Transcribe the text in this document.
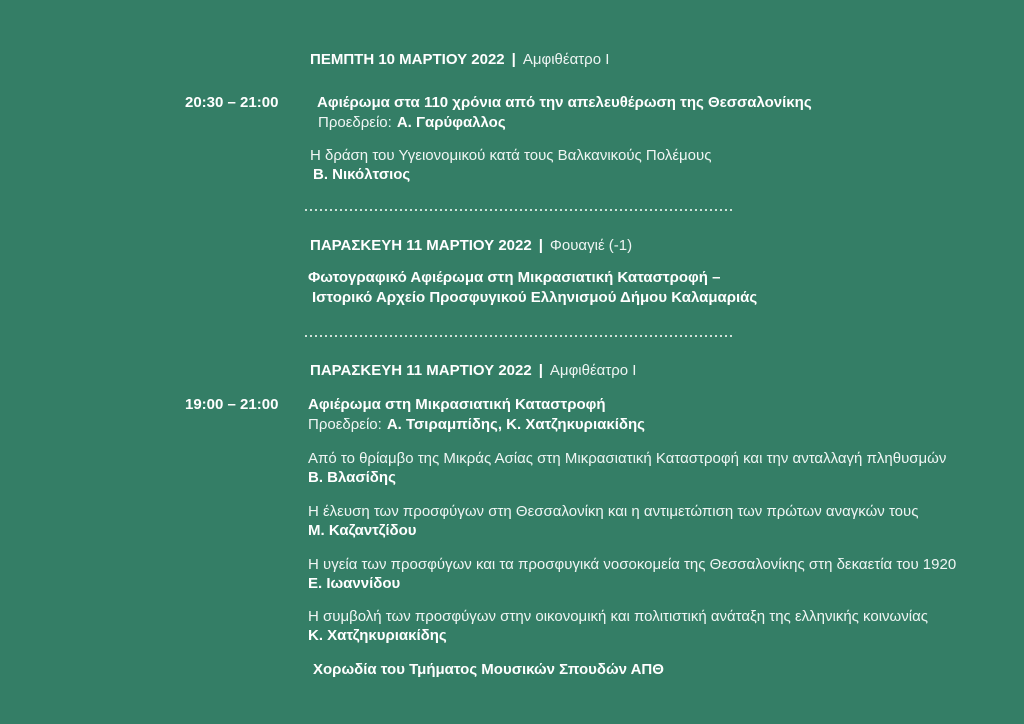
ΠΕΜΠΤΗ 10 ΜΑΡΤΙΟΥ 2022 | Αμφιθέατρο Ι
20:30 – 21:00	Αφιέρωμα στα 110 χρόνια από την απελευθέρωση της Θεσσαλονίκης
Προεδρείο: Α. Γαρύφαλλος
Η δράση του Υγειονομικού κατά τους Βαλκανικούς Πολέμους
Β. Νικόλτσιος
ΠΑΡΑΣΚΕΥΗ 11 ΜΑΡΤΙΟΥ 2022 | Φουαγιέ (-1)
Φωτογραφικό Αφιέρωμα στη Μικρασιατική Καταστροφή –
Ιστορικό Αρχείο Προσφυγικού Ελληνισμού Δήμου Καλαμαριάς
ΠΑΡΑΣΚΕΥΗ 11 ΜΑΡΤΙΟΥ 2022 | Αμφιθέατρο Ι
19:00 – 21:00 Αφιέρωμα στη Μικρασιατική Καταστροφή
Προεδρείο: Α. Τσιραμπίδης, Κ. Χατζηκυριακίδης
Από το θρίαμβο της Μικράς Ασίας στη Μικρασιατική Καταστροφή και την ανταλλαγή πληθυσμών
Β. Βλασίδης
Η έλευση των προσφύγων στη Θεσσαλονίκη και η αντιμετώπιση των πρώτων αναγκών τους
Μ. Καζαντζίδου
Η υγεία των προσφύγων και τα προσφυγικά νοσοκομεία της Θεσσαλονίκης στη δεκαετία του 1920
Ε. Ιωαννίδου
Η συμβολή των προσφύγων στην οικονομική και πολιτιστική ανάταξη της ελληνικής κοινωνίας
Κ. Χατζηκυριακίδης
Χορωδία του Τμήματος Μουσικών Σπουδών ΑΠΘ
